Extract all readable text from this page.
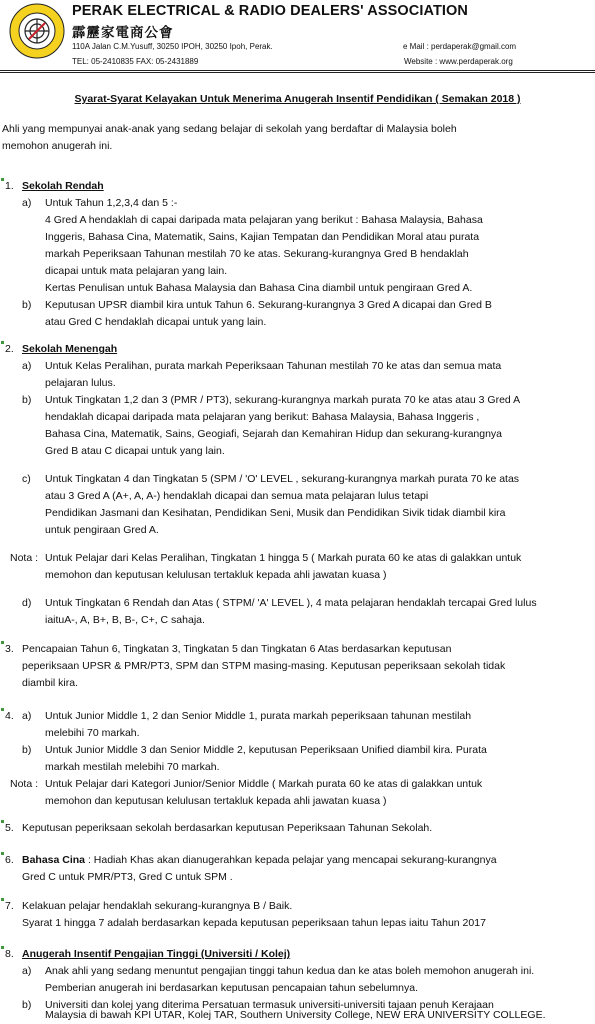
PERAK ELECTRICAL & RADIO DEALERS' ASSOCIATION
霹靂家電商公會
110A Jalan C.M.Yusuff, 30250 IPOH, 30250 Ipoh, Perak.
TEL: 05-2410835 FAX: 05-2431889
e Mail : perdaperak@gmail.com
Website : www.perdaperak.org
Syarat-Syarat Kelayakan Untuk Menerima Anugerah Insentif Pendidikan ( Semakan 2018 )
Ahli yang mempunyai anak-anak yang sedang belajar di sekolah yang berdaftar di Malaysia boleh
memohon anugerah ini.
1. Sekolah Rendah
a) Untuk Tahun 1,2,3,4 dan 5 :-
4 Gred A hendaklah di capai daripada mata pelajaran yang berikut : Bahasa Malaysia, Bahasa
Inggeris, Bahasa Cina, Matematik, Sains, Kajian Tempatan dan Pendidikan Moral atau purata
markah Peperiksaan Tahunan mestilah 70 ke atas. Sekurang-kurangnya Gred B hendaklah
dicapai untuk mata pelajaran yang lain.
Kertas Penulisan untuk Bahasa Malaysia dan Bahasa Cina diambil untuk pengiraan Gred A.
b) Keputusan UPSR diambil kira untuk Tahun 6. Sekurang-kurangnya 3 Gred A dicapai dan Gred B
atau Gred C hendaklah dicapai untuk yang lain.
2. Sekolah Menengah
a) Untuk Kelas Peralihan, purata markah Peperiksaan Tahunan mestilah 70 ke atas dan semua mata
pelajaran lulus.
b) Untuk Tingkatan 1,2 dan 3 (PMR / PT3), sekurang-kurangnya markah purata 70 ke atas atau 3 Gred A
hendaklah dicapai daripada mata pelajaran yang berikut: Bahasa Malaysia, Bahasa Inggeris ,
Bahasa Cina, Matematik, Sains, Geogiafi, Sejarah dan Kemahiran Hidup dan sekurang-kurangnya
Gred B atau C dicapai untuk yang lain.
c) Untuk Tingkatan 4 dan Tingkatan 5 (SPM / 'O' LEVEL , sekurang-kurangnya markah purata 70 ke atas
atau 3 Gred A (A+, A, A-) hendaklah dicapai dan semua mata pelajaran lulus tetapi
Pendidikan Jasmani dan Kesihatan, Pendidikan Seni, Musik dan Pendidikan Sivik tidak diambil kira
untuk pengiraan Gred A.
Nota : Untuk Pelajar dari Kelas Peralihan, Tingkatan 1 hingga 5 ( Markah purata 60 ke atas di galakkan untuk
memohon dan keputusan kelulusan tertakluk kepada ahli jawatan kuasa )
d) Untuk Tingkatan 6 Rendah dan Atas ( STPM/ 'A' LEVEL ), 4 mata pelajaran hendaklah tercapai Gred lulus
iaituA-, A, B+, B, B-, C+, C sahaja.
3. Pencapaian Tahun 6, Tingkatan 3, Tingkatan 5 dan Tingkatan 6 Atas berdasarkan keputusan
peperiksaan UPSR & PMR/PT3, SPM dan STPM masing-masing. Keputusan peperiksaan sekolah tidak
diambil kira.
4. a) Untuk Junior Middle 1, 2 dan Senior Middle 1, purata markah peperiksaan tahunan mestilah
melebihi 70 markah.
b) Untuk Junior Middle 3 dan Senior Middle 2, keputusan Peperiksaan Unified diambil kira. Purata
markah mestilah melebihi 70 markah.
Nota : Untuk Pelajar dari Kategori Junior/Senior Middle ( Markah purata 60 ke atas di galakkan untuk
memohon dan keputusan kelulusan tertakluk kepada ahli jawatan kuasa )
5. Keputusan peperiksaan sekolah berdasarkan keputusan Peperiksaan Tahunan Sekolah.
6. Bahasa Cina : Hadiah Khas akan dianugerahkan kepada pelajar yang mencapai sekurang-kurangnya
Gred C untuk PMR/PT3, Gred C untuk SPM .
7. Kelakuan pelajar hendaklah sekurang-kurangnya B / Baik.
Syarat 1 hingga 7 adalah berdasarkan kepada keputusan peperiksaan tahun lepas iaitu Tahun 2017
8. Anugerah Insentif Pengajian Tinggi (Universiti / Kolej)
a) Anak ahli yang sedang menuntut pengajian tinggi tahun kedua dan ke atas boleh memohon anugerah ini.
Pemberian anugerah ini berdasarkan keputusan pencapaian tahun sebelumnya.
b) Universiti dan kolej yang diterima Persatuan termasuk universiti-universiti tajaan penuh Kerajaan
Malaysia di bawah KPI UTAR, Kolej TAR, Southern University College, NEW ERA UNIVERSITY COLLEGE.
